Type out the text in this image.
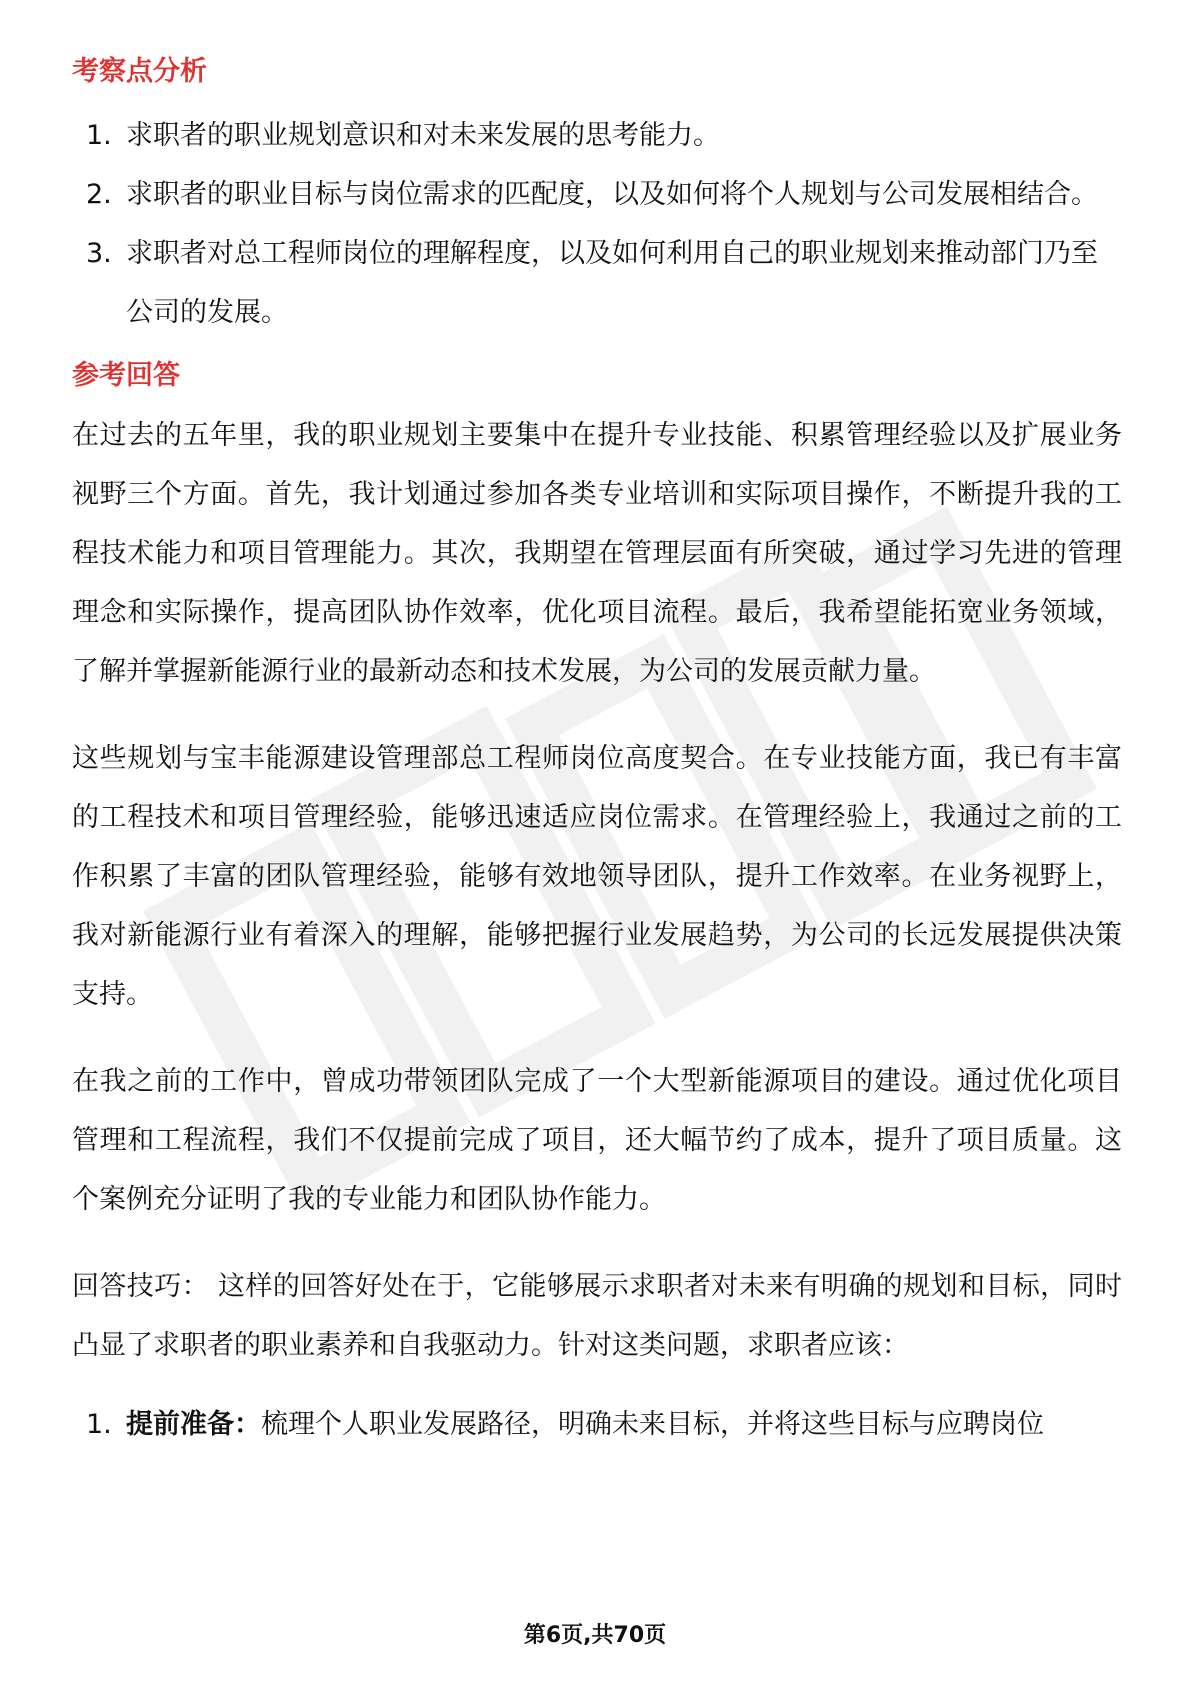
考察点分析
1. 求职者的职业规划意识和对未来发展的思考能力。
2. 求职者的职业目标与岗位需求的匹配度，以及如何将个人规划与公司发展相结合。
3. 求职者对总工程师岗位的理解程度，以及如何利用自己的职业规划来推动部门乃至公司的发展。
参考回答

在过去的五年里，我的职业规划主要集中在提升专业技能、积累管理经验以及扩展业务视野三个方面。首先，我计划通过参加各类专业培训和实际项目操作，不断提升我的工程技术能力和项目管理能力。其次，我期望在管理层面有所突破，通过学习先进的管理理念和实际操作，提高团队协作效率，优化项目流程。最后，我希望能拓宽业务领域，了解并掌握新能源行业的最新动态和技术发展，为公司的发展贡献力量。

这些规划与宝丰能源建设管理部总工程师岗位高度契合。在专业技能方面，我已有丰富的工程技术和项目管理经验，能够迅速适应岗位需求。在管理经验上，我通过之前的工作积累了丰富的团队管理经验，能够有效地领导团队，提升工作效率。在业务视野上，我对新能源行业有着深入的理解，能够把握行业发展趋势，为公司的长远发展提供决策支持。

在我之前的工作中，曾成功带领团队完成了一个大型新能源项目的建设。通过优化项目管理和工程流程，我们不仅提前完成了项目，还大幅节约了成本，提升了项目质量。这个案例充分证明了我的专业能力和团队协作能力。

回答技巧： 这样的回答好处在于，它能够展示求职者对未来有明确的规划和目标，同时凸显了求职者的职业素养和自我驱动力。针对这类问题，求职者应该：

1. 提前准备：梳理个人职业发展路径，明确未来目标，并将这些目标与应聘岗位
第6页,共70页
